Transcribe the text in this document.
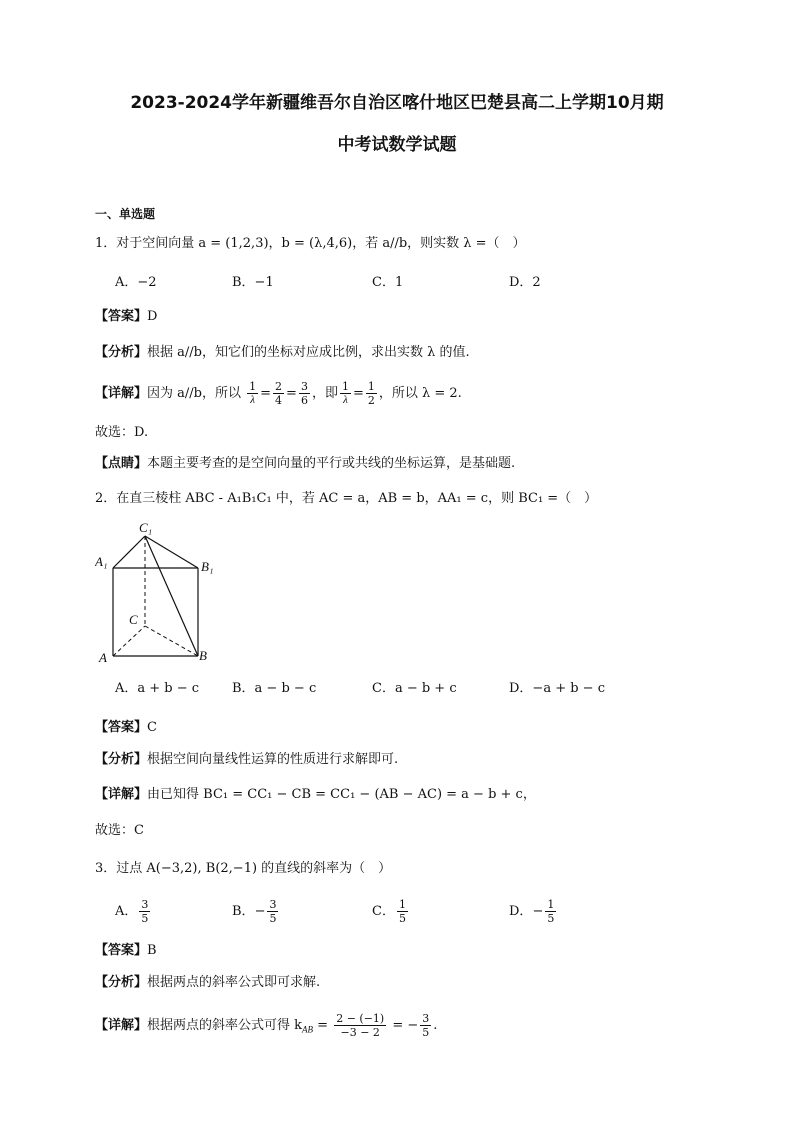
2023-2024学年新疆维吾尔自治区喀什地区巴楚县高二上学期10月期
中考试数学试题
一、单选题
1．对于空间向量 a = (1,2,3)，b = (λ,4,6)，若 a//b，则实数 λ =（　）
A．−2	B．−1	C．1	D．2
【答案】D
【分析】根据 a//b，知它们的坐标对应成比例，求出实数 λ 的值.
【详解】因为 a//b，所以 $\frac{1}{\lambda} = \frac{2}{4} = \frac{3}{6}$ ，即 $\frac{1}{\lambda} = \frac{1}{2}$ ，所以 λ = 2.
故选：D.
【点睛】本题主要考查的是空间向量的平行或共线的坐标运算，是基础题.
2．在直三棱柱 ABC - A₁B₁C₁ 中，若 AC = a，AB = b，AA₁ = c，则 BC₁ =（　）
C₁
A₁	B₁
C
A	B
A．a + b − c	B．a − b − c	C．a − b + c	D．−a + b − c
【答案】C
【分析】根据空间向量线性运算的性质进行求解即可.
【详解】由已知得 BC₁ = CC₁ − CB = CC₁ − (AB − AC) = a − b + c，
故选：C
3．过点 A(−3,2), B(2,−1) 的直线的斜率为（　）
A． $\frac{3}{5}$	B．− $\frac{3}{5}$	C． $\frac{1}{5}$	D．− $\frac{1}{5}$
【答案】B
【分析】根据两点的斜率公式即可求解.
【详解】根据两点的斜率公式可得 $k_{AB} = \frac{2 - (-1)}{-3 - 2}$ = − $\frac{3}{5}$ .
